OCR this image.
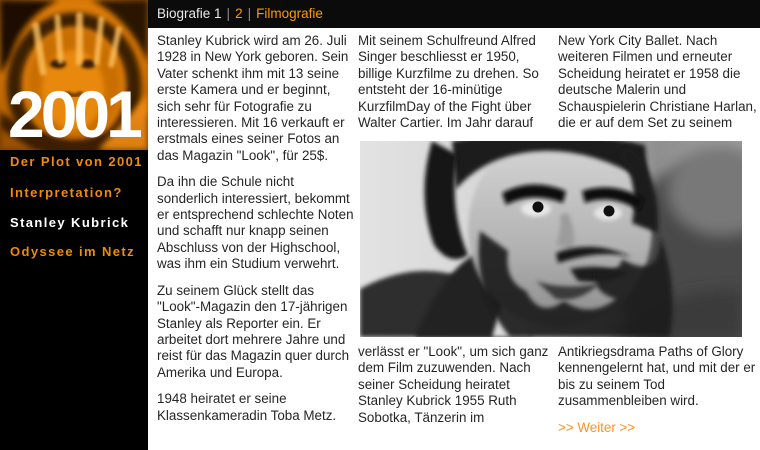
2001
Der Plot von 2001
Interpretation?
Stanley Kubrick
Odyssee im Netz
Biografie 1 | 2 | Filmografie

Stanley Kubrick wird am 26. Juli
1928 in New York geboren. Sein
Vater schenkt ihm mit 13 seine
erste Kamera und er beginnt,
sich sehr für Fotografie zu
interessieren. Mit 16 verkauft er
erstmals eines seiner Fotos an
das Magazin "Look", für 25$.

Da ihn die Schule nicht
sonderlich interessiert, bekommt
er entsprechend schlechte Noten
und schafft nur knapp seinen
Abschluss von der Highschool,
was ihm ein Studium verwehrt.

Zu seinem Glück stellt das
"Look"-Magazin den 17-jährigen
Stanley als Reporter ein. Er
arbeitet dort mehrere Jahre und
reist für das Magazin quer durch
Amerika und Europa.

1948 heiratet er seine
Klassenkameradin Toba Metz.

Mit seinem Schulfreund Alfred
Singer beschliesst er 1950,
billige Kurzfilme zu drehen. So
entsteht der 16-minütige
KurzfilmDay of the Fight über
Walter Cartier. Im Jahr darauf

New York City Ballet. Nach
weiteren Filmen und erneuter
Scheidung heiratet er 1958 die
deutsche Malerin und
Schauspielerin Christiane Harlan,
die er auf dem Set zu seinem

verlässt er "Look", um sich ganz
dem Film zuzuwenden. Nach
seiner Scheidung heiratet
Stanley Kubrick 1955 Ruth
Sobotka, Tänzerin im

Antikriegsdrama Paths of Glory
kennengelernt hat, und mit der er
bis zu seinem Tod
zusammenbleiben wird.

>> Weiter >>
